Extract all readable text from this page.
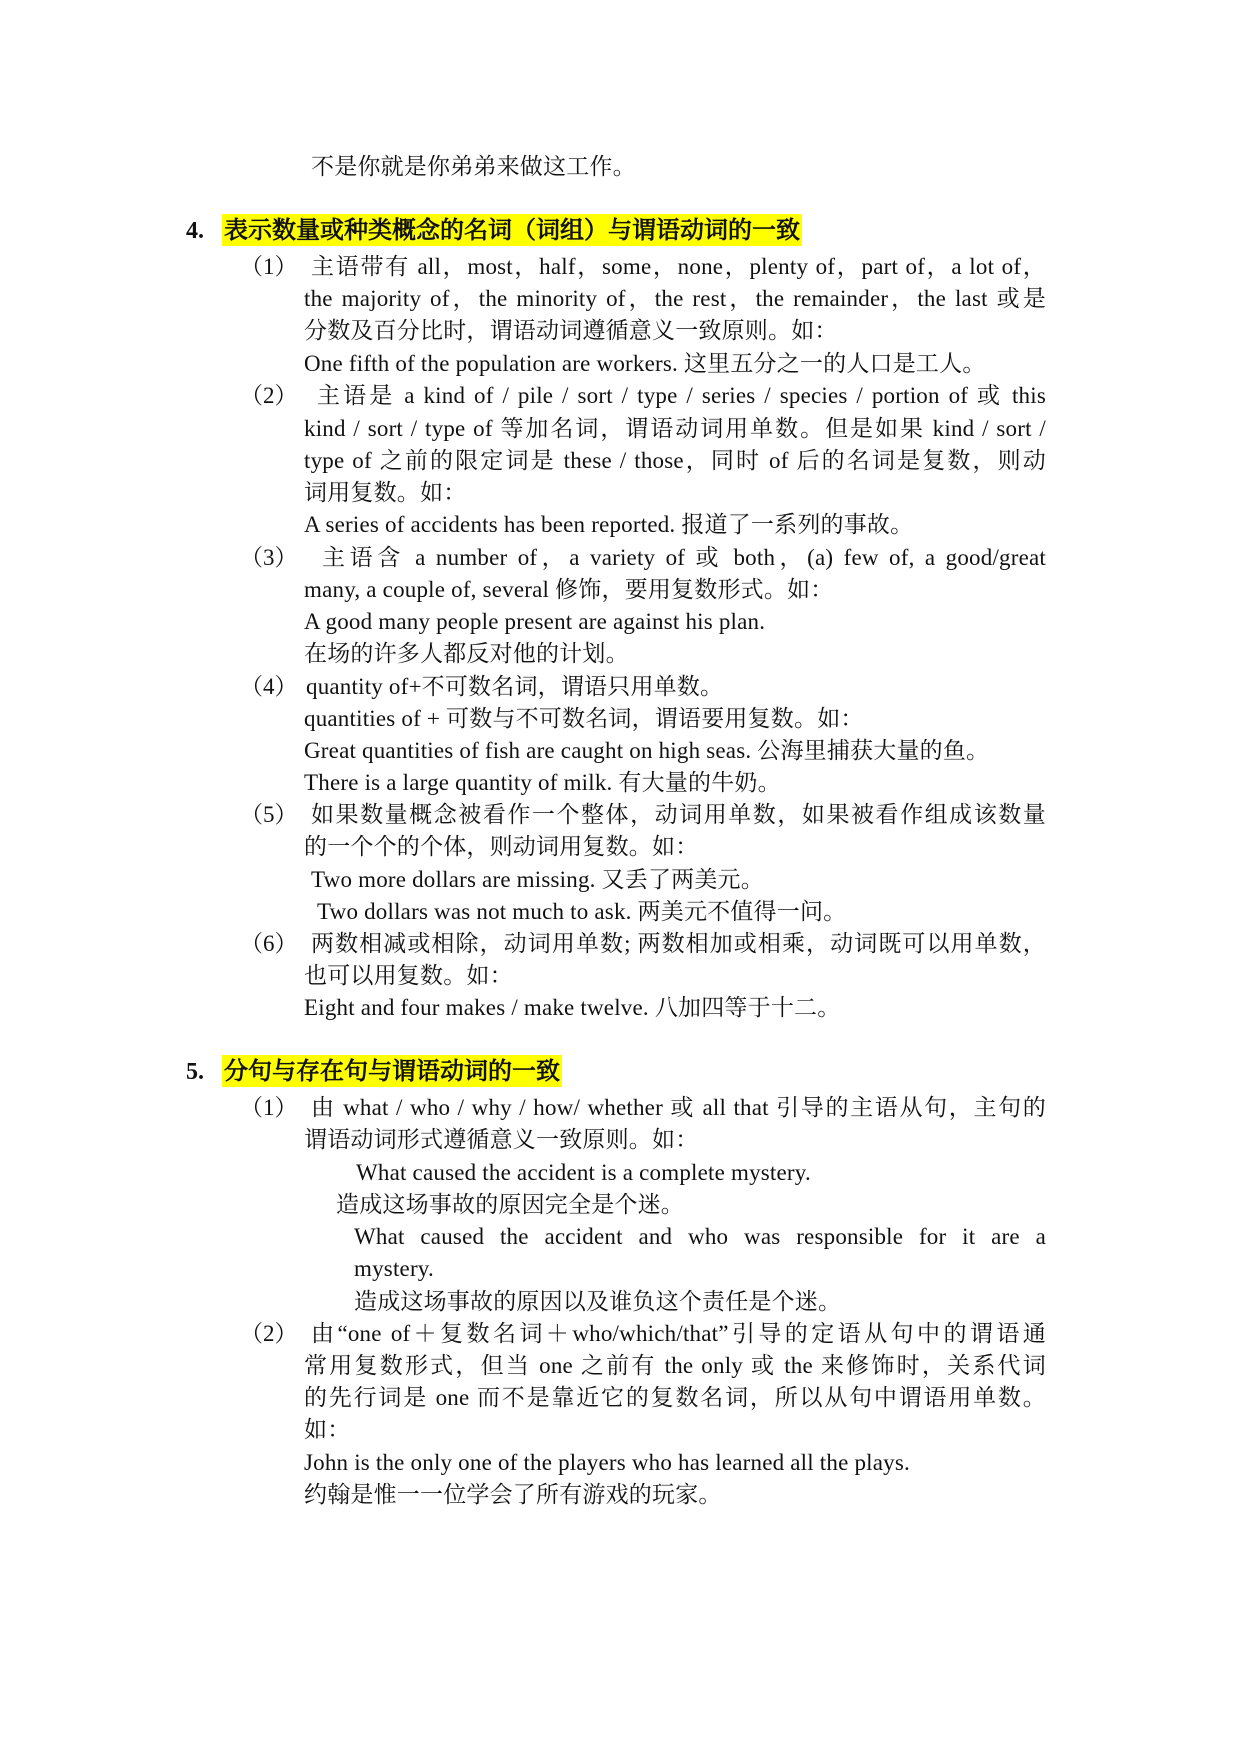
不是你就是你弟弟来做这工作。
4. 表示数量或种类概念的名词（词组）与谓语动词的一致
（1） 主语带有 all，most，half，some，none，plenty of，part of，a lot of，
the majority of，the minority of，the rest，the remainder，the last 或是
分数及百分比时，谓语动词遵循意义一致原则。如：
One fifth of the population are workers. 这里五分之一的人口是工人。
（2） 主语是 a kind of / pile / sort / type / series / species / portion of 或 this
kind / sort / type of 等加名词，谓语动词用单数。但是如果 kind / sort /
type of 之前的限定词是 these / those，同时 of 后的名词是复数，则动
词用复数。如：
A series of accidents has been reported. 报道了一系列的事故。
（3） 主语含 a number of，a variety of 或 both，(a) few of, a good/great
many, a couple of, several 修饰，要用复数形式。如：
A good many people present are against his plan.
在场的许多人都反对他的计划。
（4） quantity of+不可数名词，谓语只用单数。
quantities of + 可数与不可数名词，谓语要用复数。如：
Great quantities of fish are caught on high seas. 公海里捕获大量的鱼。
There is a large quantity of milk. 有大量的牛奶。
（5） 如果数量概念被看作一个整体，动词用单数，如果被看作组成该数量
的一个个的个体，则动词用复数。如：
Two more dollars are missing. 又丢了两美元。
Two dollars was not much to ask. 两美元不值得一问。
（6） 两数相减或相除，动词用单数; 两数相加或相乘，动词既可以用单数，
也可以用复数。如：
Eight and four makes / make twelve. 八加四等于十二。
5. 分句与存在句与谓语动词的一致
（1） 由 what / who / why / how/ whether 或 all that 引导的主语从句，主句的
谓语动词形式遵循意义一致原则。如：
What caused the accident is a complete mystery.
造成这场事故的原因完全是个迷。
What caused the accident and who was responsible for it are a
mystery.
造成这场事故的原因以及谁负这个责任是个迷。
（2） 由“one of＋复数名词＋who/which/that”引导的定语从句中的谓语通
常用复数形式，但当 one 之前有 the only 或 the 来修饰时，关系代词
的先行词是 one 而不是靠近它的复数名词，所以从句中谓语用单数。
如：
John is the only one of the players who has learned all the plays.
约翰是惟一一位学会了所有游戏的玩家。
